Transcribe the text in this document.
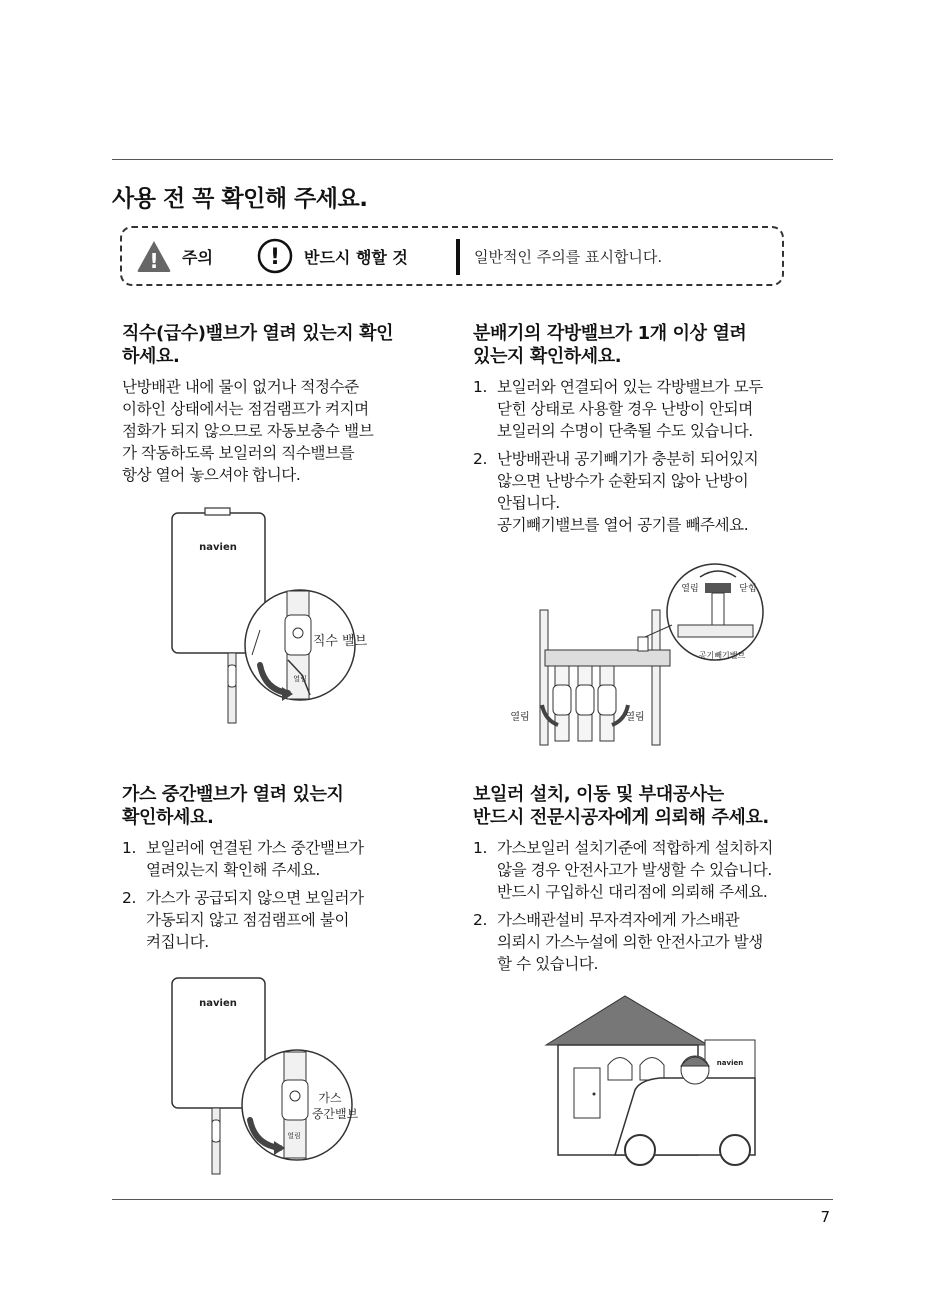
사용 전 꼭 확인해 주세요.
! 주의	! 반드시 행할 것	일반적인 주의를 표시합니다.
직수(급수)밸브가 열려 있는지 확인
하세요.

난방배관 내에 물이 없거나 적정수준
이하인 상태에서는 점검램프가 켜지며
점화가 되지 않으므로 자동보충수 밸브
가 작동하도록 보일러의 직수밸브를
항상 열어 놓으셔야 합니다.

navien
열림
직수 밸브
분배기의 각방밸브가 1개 이상 열려
있는지 확인하세요.
1. 보일러와 연결되어 있는 각방밸브가 모두
닫힌 상태로 사용할 경우 난방이 안되며
보일러의 수명이 단축될 수도 있습니다.
2. 난방배관내 공기빼기가 충분히 되어있지
않으면 난방수가 순환되지 않아 난방이
안됩니다.
공기빼기밸브를 열어 공기를 빼주세요.
열림	열림
열림	닫힘
공기빼기밸브
가스 중간밸브가 열려 있는지
확인하세요.
1. 보일러에 연결된 가스 중간밸브가
열려있는지 확인해 주세요.
2. 가스가 공급되지 않으면 보일러가
가동되지 않고 점검램프에 불이
켜집니다.
navien
열림
가스
중간밸브
보일러 설치, 이동 및 부대공사는
반드시 전문시공자에게 의뢰해 주세요.
1. 가스보일러 설치기준에 적합하게 설치하지
않을 경우 안전사고가 발생할 수 있습니다.
반드시 구입하신 대리점에 의뢰해 주세요.
2. 가스배관설비 무자격자에게 가스배관
의뢰시 가스누설에 의한 안전사고가 발생
할 수 있습니다.
navien
7
